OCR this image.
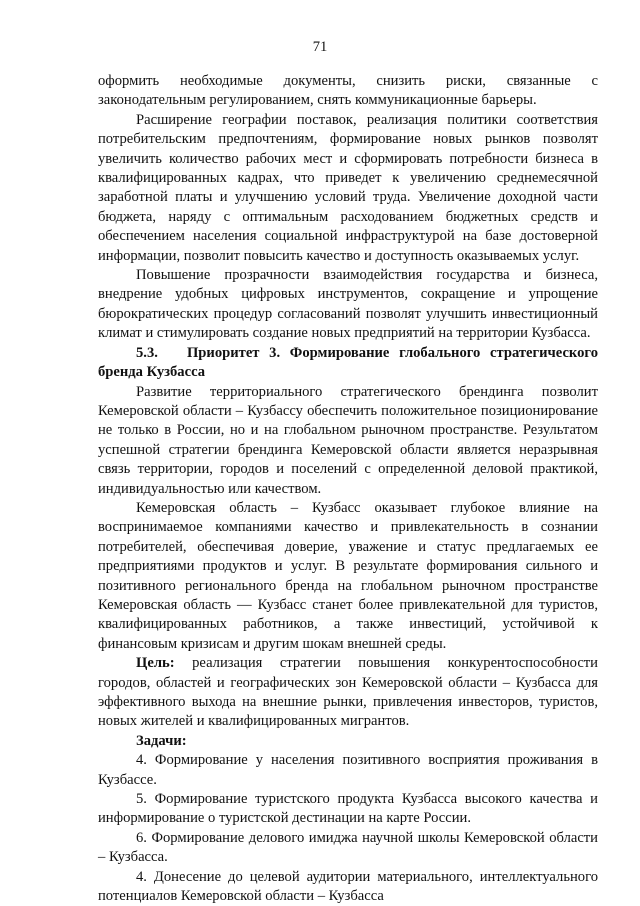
71

оформить необходимые документы, снизить риски, связанные с законодательным регулированием, снять коммуникационные барьеры.

Расширение географии поставок, реализация политики соответствия потребительским предпочтениям, формирование новых рынков позволят увеличить количество рабочих мест и сформировать потребности бизнеса в квалифицированных кадрах, что приведет к увеличению среднемесячной заработной платы и улучшению условий труда. Увеличение доходной части бюджета, наряду с оптимальным расходованием бюджетных средств и обеспечением населения социальной инфраструктурой на базе достоверной информации, позволит повысить качество и доступность оказываемых услуг.

Повышение прозрачности взаимодействия государства и бизнеса, внедрение удобных цифровых инструментов, сокращение и упрощение бюрократических процедур согласований позволят улучшить инвестиционный климат и стимулировать создание новых предприятий на территории Кузбасса.

5.3.   Приоритет 3. Формирование глобального стратегического бренда Кузбасса

Развитие территориального стратегического брендинга позволит Кемеровской области – Кузбассу обеспечить положительное позиционирование не только в России, но и на глобальном рыночном пространстве. Результатом успешной стратегии брендинга Кемеровской области является неразрывная связь территории, городов и поселений с определенной деловой практикой, индивидуальностью или качеством.

Кемеровская область – Кузбасс оказывает глубокое влияние на воспринимаемое компаниями качество и привлекательность в сознании потребителей, обеспечивая доверие, уважение и статус предлагаемых ее предприятиями продуктов и услуг. В результате формирования сильного и позитивного регионального бренда на глобальном рыночном пространстве Кемеровская область — Кузбасс станет более привлекательной для туристов, квалифицированных работников, а также инвестиций, устойчивой к финансовым кризисам и другим шокам внешней среды.

Цель: реализация стратегии повышения конкурентоспособности городов, областей и географических зон Кемеровской области – Кузбасса для эффективного выхода на внешние рынки, привлечения инвесторов, туристов, новых жителей и квалифицированных мигрантов.

Задачи:

4. Формирование у населения позитивного восприятия проживания в Кузбассе.

5. Формирование туристского продукта Кузбасса высокого качества и информирование о туристской дестинации на карте России.

6. Формирование делового имиджа научной школы Кемеровской области – Кузбасса.

4. Донесение до целевой аудитории материального, интеллектуального потенциалов Кемеровской области – Кузбасса
